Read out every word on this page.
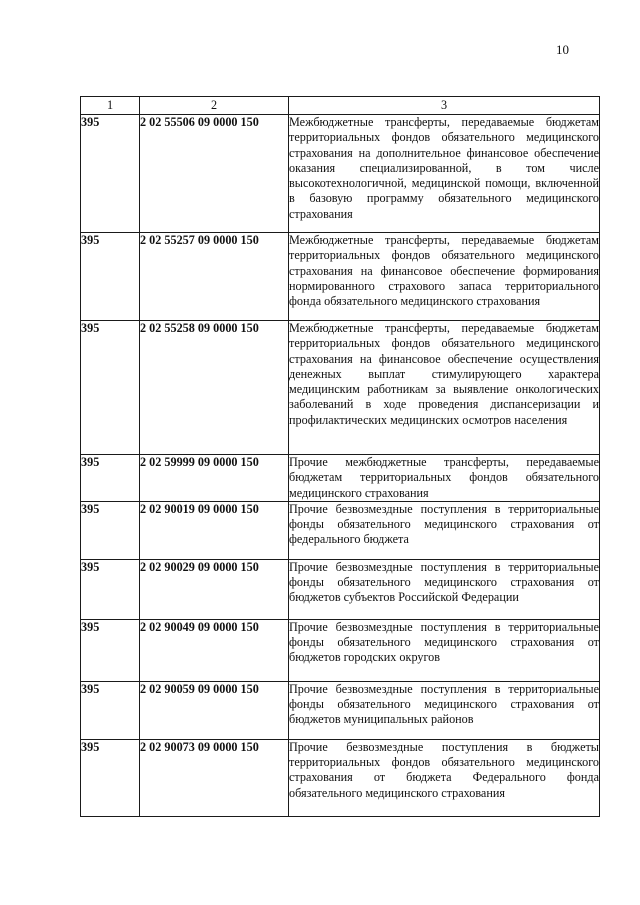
10
1	2	3
395	2 02 55506 09 0000 150	Межбюджетные трансферты, передаваемые бюджетам территориальных фондов обязательного медицинского страхования на дополнительное финансовое обеспечение оказания специализированной, в том числе высокотехнологичной, медицинской помощи, включенной в базовую программу обязательного медицинского страхования
395	2 02 55257 09 0000 150	Межбюджетные трансферты, передаваемые бюджетам территориальных фондов обязательного медицинского страхования на финансовое обеспечение формирования нормированного страхового запаса территориального фонда обязательного медицинского страхования
395	2 02 55258 09 0000 150	Межбюджетные трансферты, передаваемые бюджетам территориальных фондов обязательного медицинского страхования на финансовое обеспечение осуществления денежных выплат стимулирующего характера медицинским работникам за выявление онкологических заболеваний в ходе проведения диспансеризации и профилактических медицинских осмотров населения
395	2 02 59999 09 0000 150	Прочие межбюджетные трансферты, передаваемые бюджетам территориальных фондов обязательного медицинского страхования
395	2 02 90019 09 0000 150	Прочие безвозмездные поступления в территориальные фонды обязательного медицинского страхования от федерального бюджета
395	2 02 90029 09 0000 150	Прочие безвозмездные поступления в территориальные фонды обязательного медицинского страхования от бюджетов субъектов Российской Федерации
395	2 02 90049 09 0000 150	Прочие безвозмездные поступления в территориальные фонды обязательного медицинского страхования от бюджетов городских округов
395	2 02 90059 09 0000 150	Прочие безвозмездные поступления в территориальные фонды обязательного медицинского страхования от бюджетов муниципальных районов
395	2 02 90073 09 0000 150	Прочие безвозмездные поступления в бюджеты территориальных фондов обязательного медицинского страхования от бюджета Федерального фонда обязательного медицинского страхования
